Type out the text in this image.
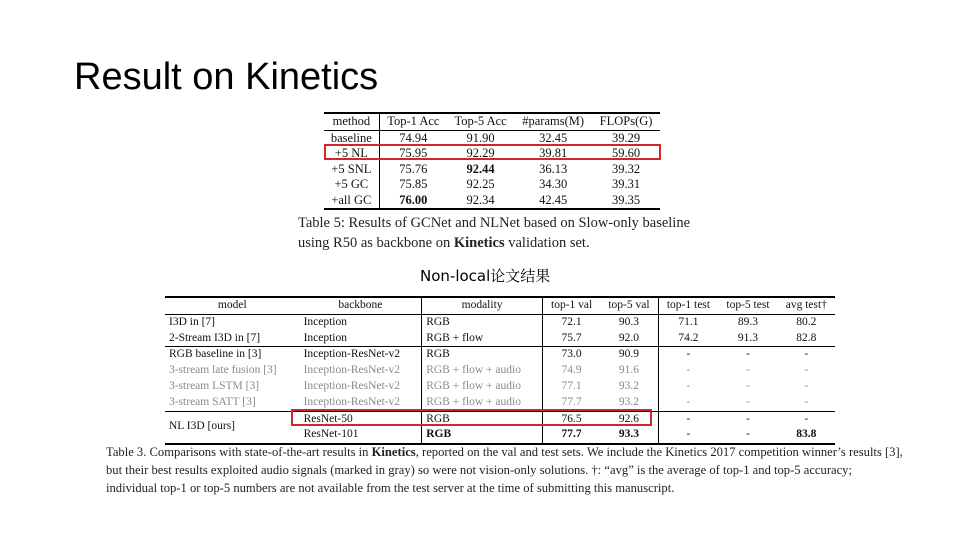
Result on Kinetics
method	Top-1 Acc	Top-5 Acc	#params(M)	FLOPs(G)
baseline	74.94	91.90	32.45	39.29
+5 NL	75.95	92.29	39.81	59.60
+5 SNL	75.76	92.44	36.13	39.32
+5 GC	75.85	92.25	34.30	39.31
+all GC	76.00	92.34	42.45	39.35
Table 5: Results of GCNet and NLNet based on Slow-only baseline using R50 as backbone on Kinetics validation set.
Non-local论文结果
model	backbone	modality	top-1 val	top-5 val	top-1 test	top-5 test	avg test†
I3D in [7]	Inception	RGB	72.1	90.3	71.1	89.3	80.2
2-Stream I3D in [7]	Inception	RGB + flow	75.7	92.0	74.2	91.3	82.8
RGB baseline in [3]	Inception-ResNet-v2	RGB	73.0	90.9	-	-	-
3-stream late fusion [3]	Inception-ResNet-v2	RGB + flow + audio	74.9	91.6	-	-	-
3-stream LSTM [3]	Inception-ResNet-v2	RGB + flow + audio	77.1	93.2	-	-	-
3-stream SATT [3]	Inception-ResNet-v2	RGB + flow + audio	77.7	93.2	-	-	-
NL I3D [ours]	ResNet-50	RGB	76.5	92.6	-	-	-
	ResNet-101	RGB	77.7	93.3	-	-	83.8
Table 3. Comparisons with state-of-the-art results in Kinetics, reported on the val and test sets. We include the Kinetics 2017 competition winner’s results [3], but their best results exploited audio signals (marked in gray) so were not vision-only solutions. †: “avg” is the average of top-1 and top-5 accuracy; individual top-1 or top-5 numbers are not available from the test server at the time of submitting this manuscript.
